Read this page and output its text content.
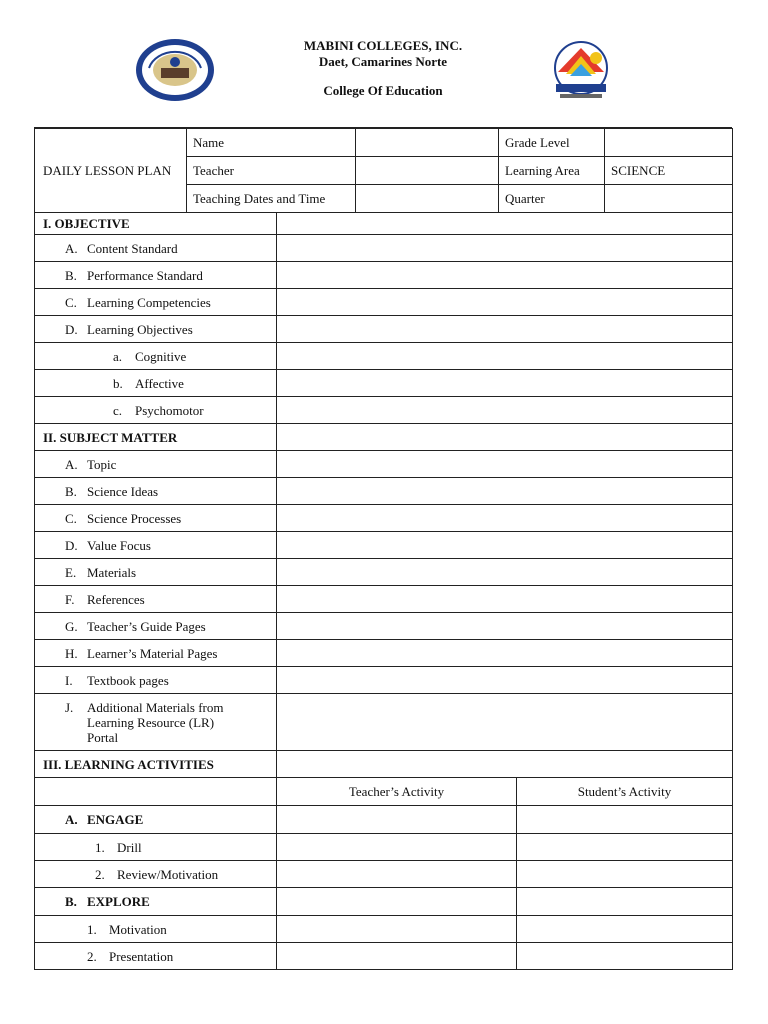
MABINI COLLEGES, INC.
Daet, Camarines Norte
College Of Education
DAILY LESSON PLAN	Name		Grade Level	
	Teacher		Learning Area	SCIENCE
	Teaching Dates and Time		Quarter	
I. OBJECTIVE	
A. Content Standard	
B. Performance Standard	
C. Learning Competencies	
D. Learning Objectives	
a. Cognitive	
b. Affective	
c. Psychomotor	
II. SUBJECT MATTER	
A. Topic	
B. Science Ideas	
C. Science Processes	
D. Value Focus	
E. Materials	
F. References	
G. Teacher’s Guide Pages	
H. Learner’s Material Pages	
I. Textbook pages	

J. Additional Materials from Learning Resource (LR) Portal	

III. LEARNING ACTIVITIES	
	Teacher’s Activity	Student’s Activity
A. ENGAGE		
1. Drill		
2. Review/Motivation		
B. EXPLORE		
1. Motivation		
2. Presentation		
